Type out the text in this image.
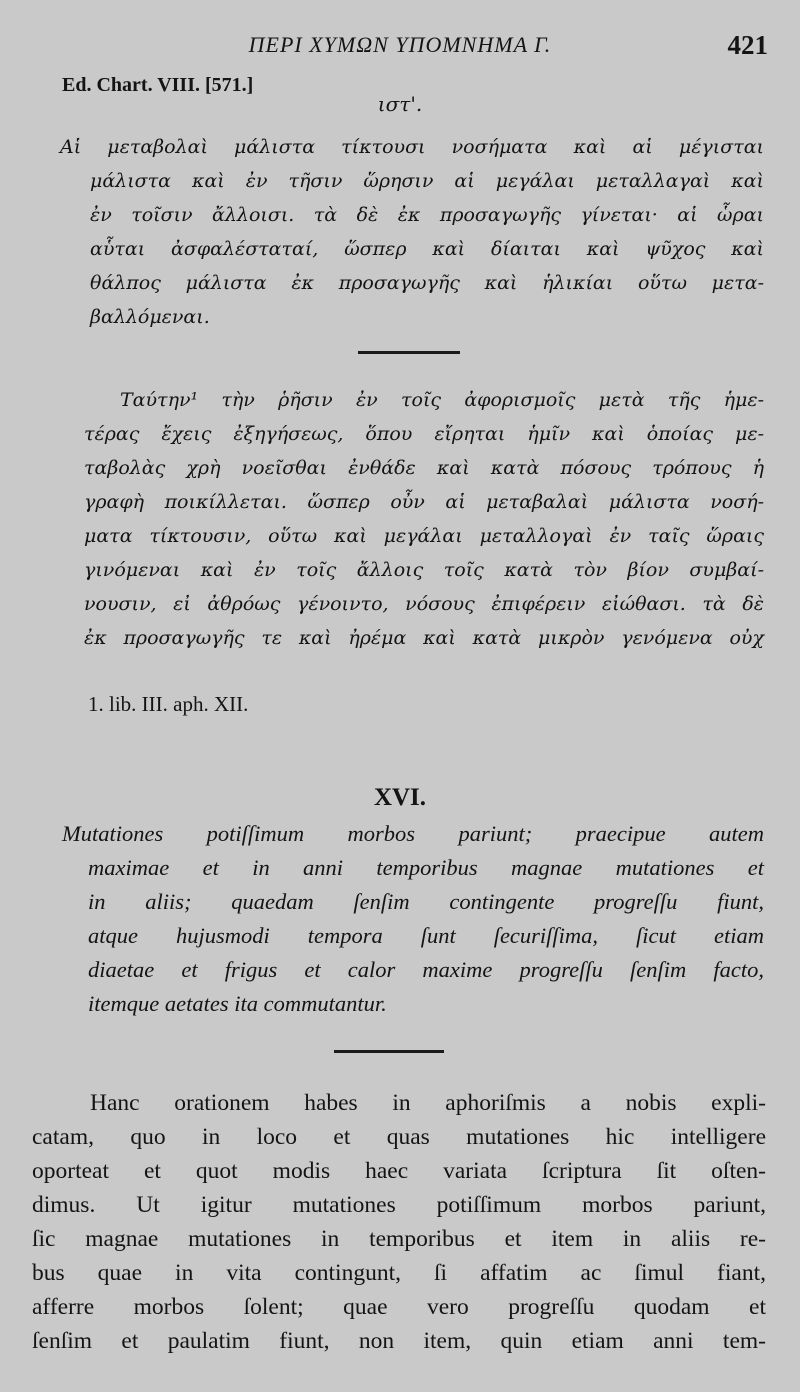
ΠΕΡΙ ΧΥΜΩΝ ΥΠΟΜΝΗΜΑ Γ.	421
Ed. Chart. VIII. [571.]
ιστ'.
Αἱ μεταβολαὶ μάλιστα τίκτουσι νοσήματα καὶ αἱ μέγισται
μάλιστα καὶ ἐν τῆσιν ὥρησιν αἱ μεγάλαι μεταλλαγαὶ καὶ
ἐν τοῖσιν ἄλλοισι. τὰ δὲ ἐκ προσαγωγῆς γίνεται· αἱ ὧραι
αὗται ἀσφαλέσταταί, ὥσπερ καὶ δίαιται καὶ ψῦχος καὶ
θάλπος μάλιστα ἐκ προσαγωγῆς καὶ ἡλικίαι οὕτω μετα-
βαλλόμεναι.
Ταύτην¹ τὴν ῥῆσιν ἐν τοῖς ἀφορισμοῖς μετὰ τῆς ἡμε-
τέρας ἔχεις ἐξηγήσεως, ὅπου εἴρηται ἡμῖν καὶ ὁποίας με-
ταβολὰς χρὴ νοεῖσθαι ἐνθάδε καὶ κατὰ πόσους τρόπους ἡ
γραφὴ ποικίλλεται. ὥσπερ οὖν αἱ μεταβαλαὶ μάλιστα νοσή-
ματα τίκτουσιν, οὕτω καὶ μεγάλαι μεταλλογαὶ ἐν ταῖς ὥραις
γινόμεναι καὶ ἐν τοῖς ἄλλοις τοῖς κατὰ τὸν βίον συμβαί-
νουσιν, εἰ ἀθρόως γένοιντο, νόσους ἐπιφέρειν εἰώθασι. τὰ δὲ
ἐκ προσαγωγῆς τε καὶ ἠρέμα καὶ κατὰ μικρὸν γενόμενα οὐχ
1. lib. III. aph. XII.
XVI.
Mutationes potiſſimum morbos pariunt; praecipue autem
maximae et in anni temporibus magnae mutationes et
in aliis; quaedam ſenſim contingente progreſſu fiunt,
atque hujusmodi tempora ſunt ſecuriſſima, ſicut etiam
diaetae et frigus et calor maxime progreſſu ſenſim facto,
itemque aetates ita commutantur.
Hanc orationem habes in aphoriſmis a nobis expli-
catam, quo in loco et quas mutationes hic intelligere
oporteat et quot modis haec variata ſcriptura ſit oſten-
dimus. Ut igitur mutationes potiſſimum morbos pariunt,
ſic magnae mutationes in temporibus et item in aliis re-
bus quae in vita contingunt, ſi affatim ac ſimul fiant,
afferre morbos ſolent; quae vero progreſſu quodam et
ſenſim et paulatim fiunt, non item, quin etiam anni tem-
